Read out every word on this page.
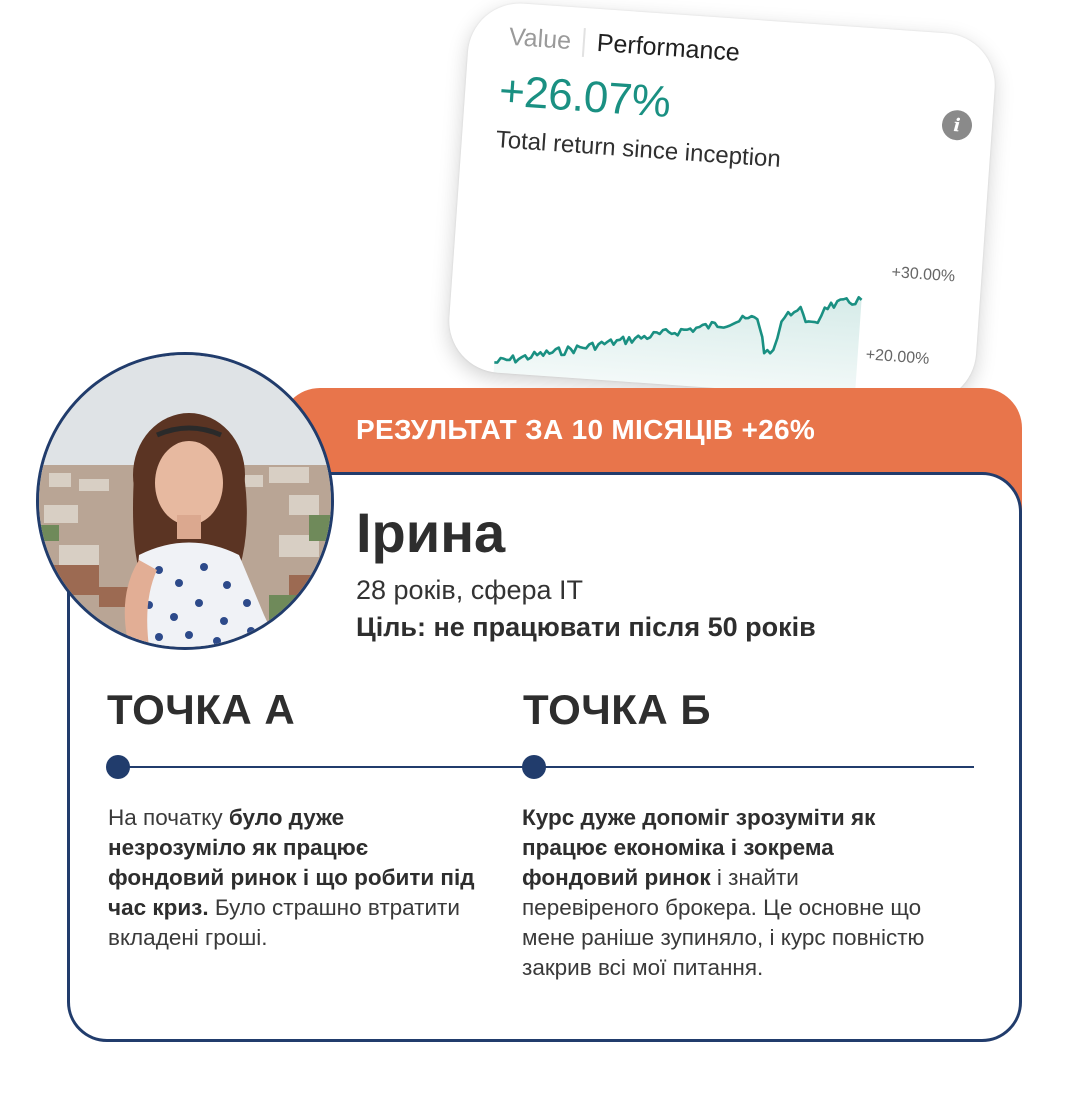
Value Performance
+26.07%
Total return since inception
i
+30.00%
+20.00%
РЕЗУЛЬТАТ ЗА 10 МІСЯЦІВ +26%
Ірина
28 років, сфера IT
Ціль: не працювати після 50 років
ТОЧКА А	ТОЧКА Б
На початку було дуже незрозуміло як працює фондовий ринок і що робити під час криз. Було страшно втратити вкладені гроші.
Курс дуже допоміг зрозуміти як працює економіка і зокрема фондовий ринок і знайти перевіреного брокера. Це основне що мене раніше зупиняло, і курс повністю закрив всі мої питання.
